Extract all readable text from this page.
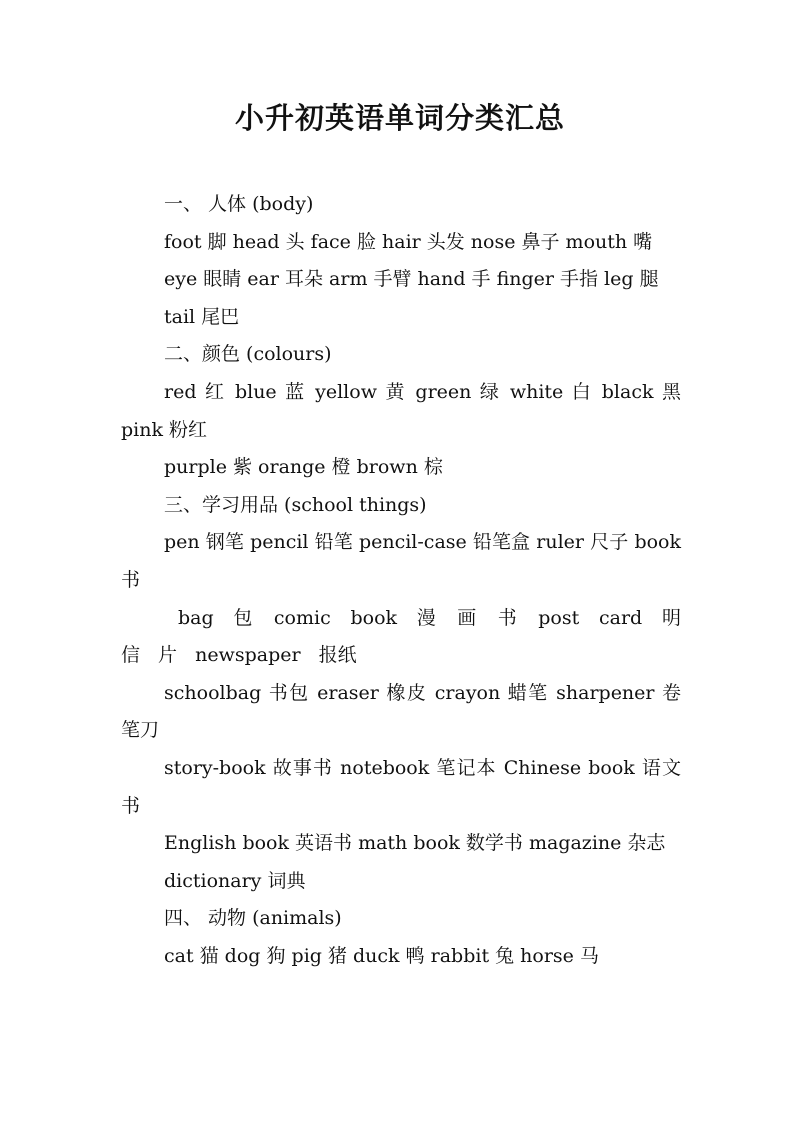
小升初英语单词分类汇总

一、 人体 (body)

foot 脚 head 头 face 脸 hair 头发 nose 鼻子 mouth 嘴

eye 眼睛 ear 耳朵 arm 手臂 hand 手 finger 手指 leg 腿

tail 尾巴

二、颜色 (colours)

red 红 blue 蓝 yellow 黄 green 绿 white 白 black 黑 pink 粉红

purple 紫 orange 橙 brown 棕

三、学习用品 (school things)

pen 钢笔 pencil 铅笔 pencil-case 铅笔盒 ruler 尺子 book 书

bag 包 comic book 漫 画 书 post card 明 信 片 newspaper 报纸

schoolbag 书包 eraser 橡皮 crayon 蜡笔 sharpener 卷笔刀

story-book 故事书 notebook 笔记本 Chinese book 语文书

English book 英语书 math book 数学书 magazine 杂志

dictionary 词典

四、 动物 (animals)

cat 猫 dog 狗 pig 猪 duck 鸭 rabbit 兔 horse 马
